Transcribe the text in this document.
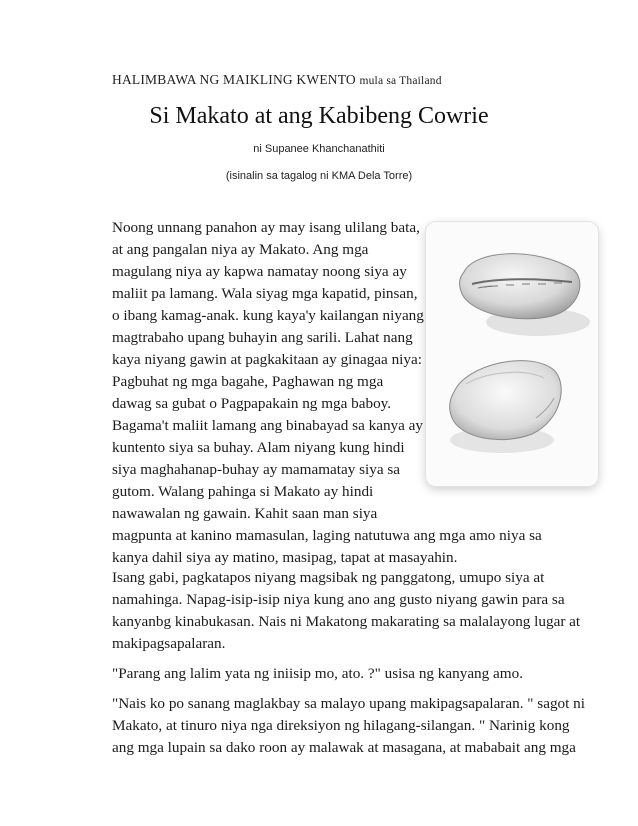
HALIMBAWA NG MAIKLING KWENTO mula sa Thailand
Si Makato at ang Kabibeng Cowrie
ni Supanee Khanchanathiti
(isinalin sa tagalog ni KMA Dela Torre)
Noong unnang panahon ay may isang ulilang bata,
at ang pangalan niya ay Makato. Ang mga
magulang niya ay kapwa namatay noong siya ay
maliit pa lamang. Wala siyag mga kapatid, pinsan,
o ibang kamag-anak. kung kaya'y kailangan niyang
magtrabaho upang buhayin ang sarili. Lahat nang
kaya niyang gawin at pagkakitaan ay ginagaa niya:
Pagbuhat ng mga bagahe, Paghawan ng mga
dawag sa gubat o Pagpapakain ng mga baboy.
Bagama't maliit lamang ang binabayad sa kanya ay
kuntento siya sa buhay. Alam niyang kung hindi
siya maghahanap-buhay ay mamamatay siya sa
gutom. Walang pahinga si Makato ay hindi
nawawalan ng gawain. Kahit saan man siya
magpunta at kanino mamasulan, laging natutuwa ang mga amo niya sa
kanya dahil siya ay matino, masipag, tapat at masayahin.
Isang gabi, pagkatapos niyang magsibak ng panggatong, umupo siya at
namahinga. Napag-isip-isip niya kung ano ang gusto niyang gawin para sa
kanyanbg kinabukasan. Nais ni Makatong makarating sa malalayong lugar at
makipagsapalaran.
"Parang ang lalim yata ng iniisip mo, ato. ?" usisa ng kanyang amo.
"Nais ko po sanang maglakbay sa malayo upang makipagsapalaran. " sagot ni
Makato, at tinuro niya nga direksiyon ng hilagang-silangan. " Narinig kong
ang mga lupain sa dako roon ay malawak at masagana, at mababait ang mga
